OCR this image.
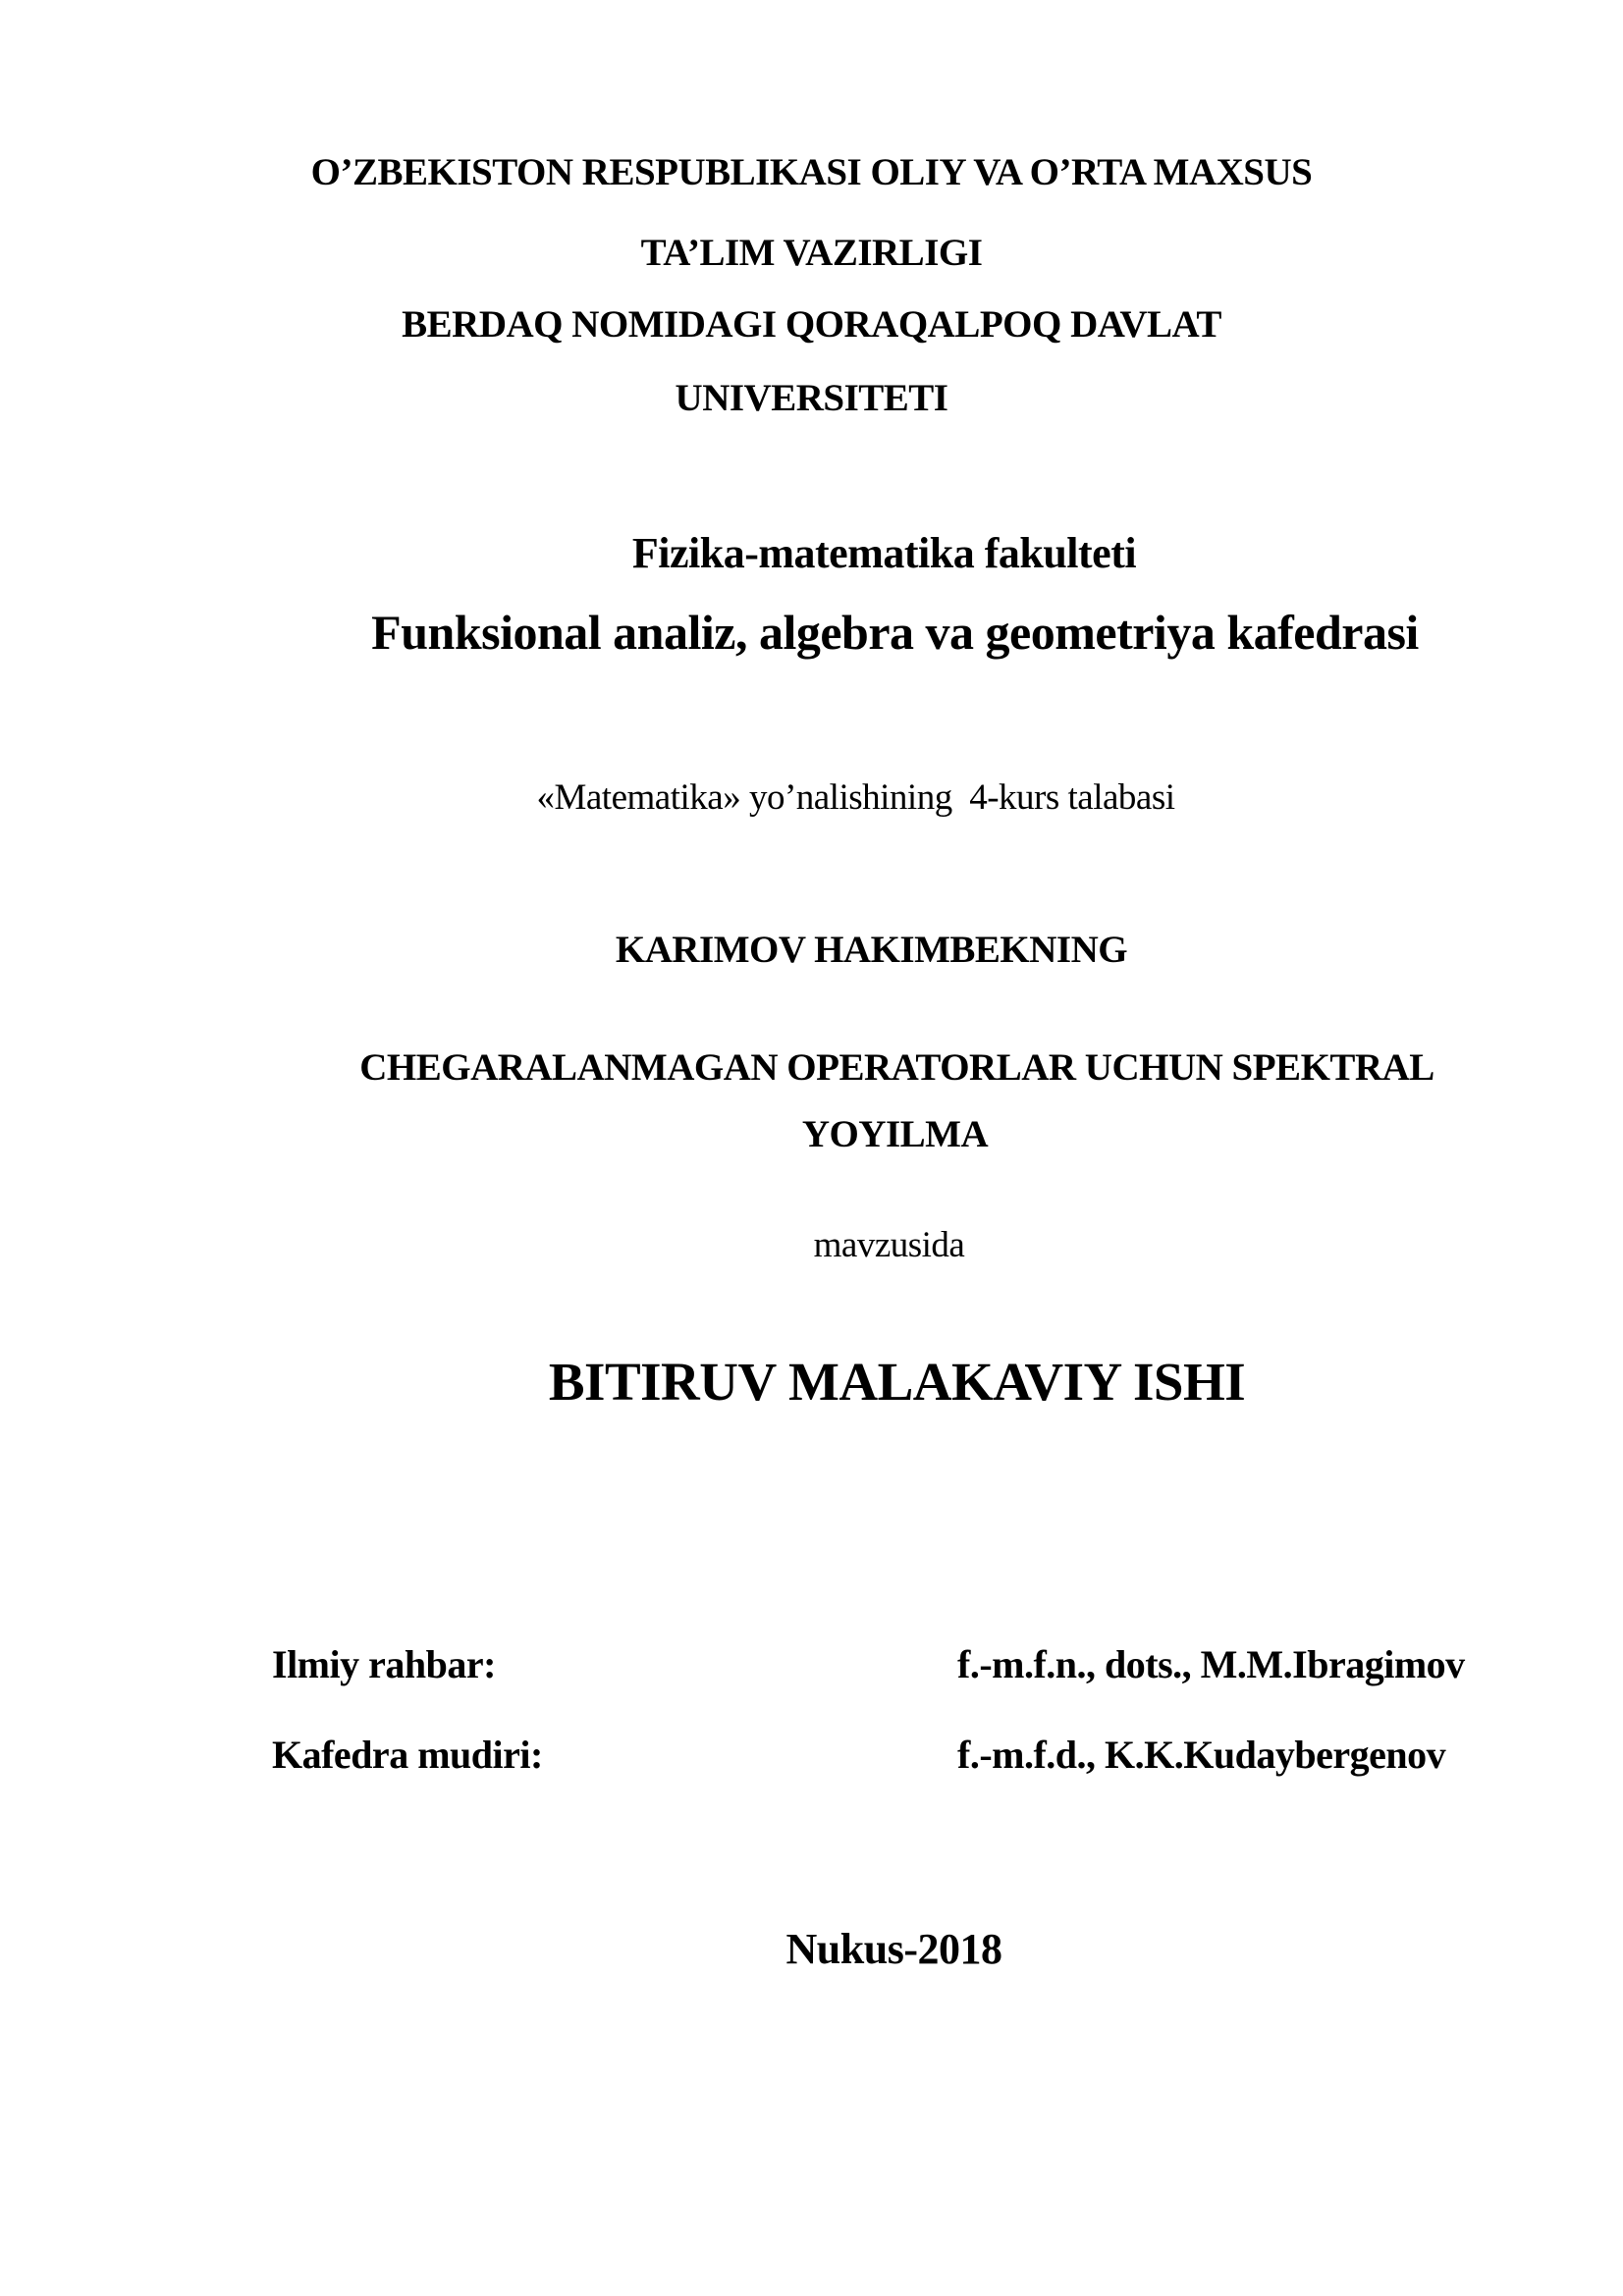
O’ZBEKISTON RESPUBLIKASI OLIY VA O’RTA MAXSUS
TA’LIM VAZIRLIGI
BERDAQ NOMIDAGI QORAQALPOQ DAVLAT
UNIVERSITETI
Fizika-matematika fakulteti
Funksional analiz, algebra va geometriya kafedrasi
«Matematika» yo’nalishining  4-kurs talabasi
KARIMOV HAKIMBEKNING
CHEGARALANMAGAN OPERATORLAR UCHUN SPEKTRAL
YOYILMA
mavzusida
BITIRUV MALAKAVIY ISHI
Ilmiy rahbar:	f.-m.f.n., dots., M.M.Ibragimov
Kafedra mudiri:	f.-m.f.d., K.K.Kudaybergenov
Nukus-2018
